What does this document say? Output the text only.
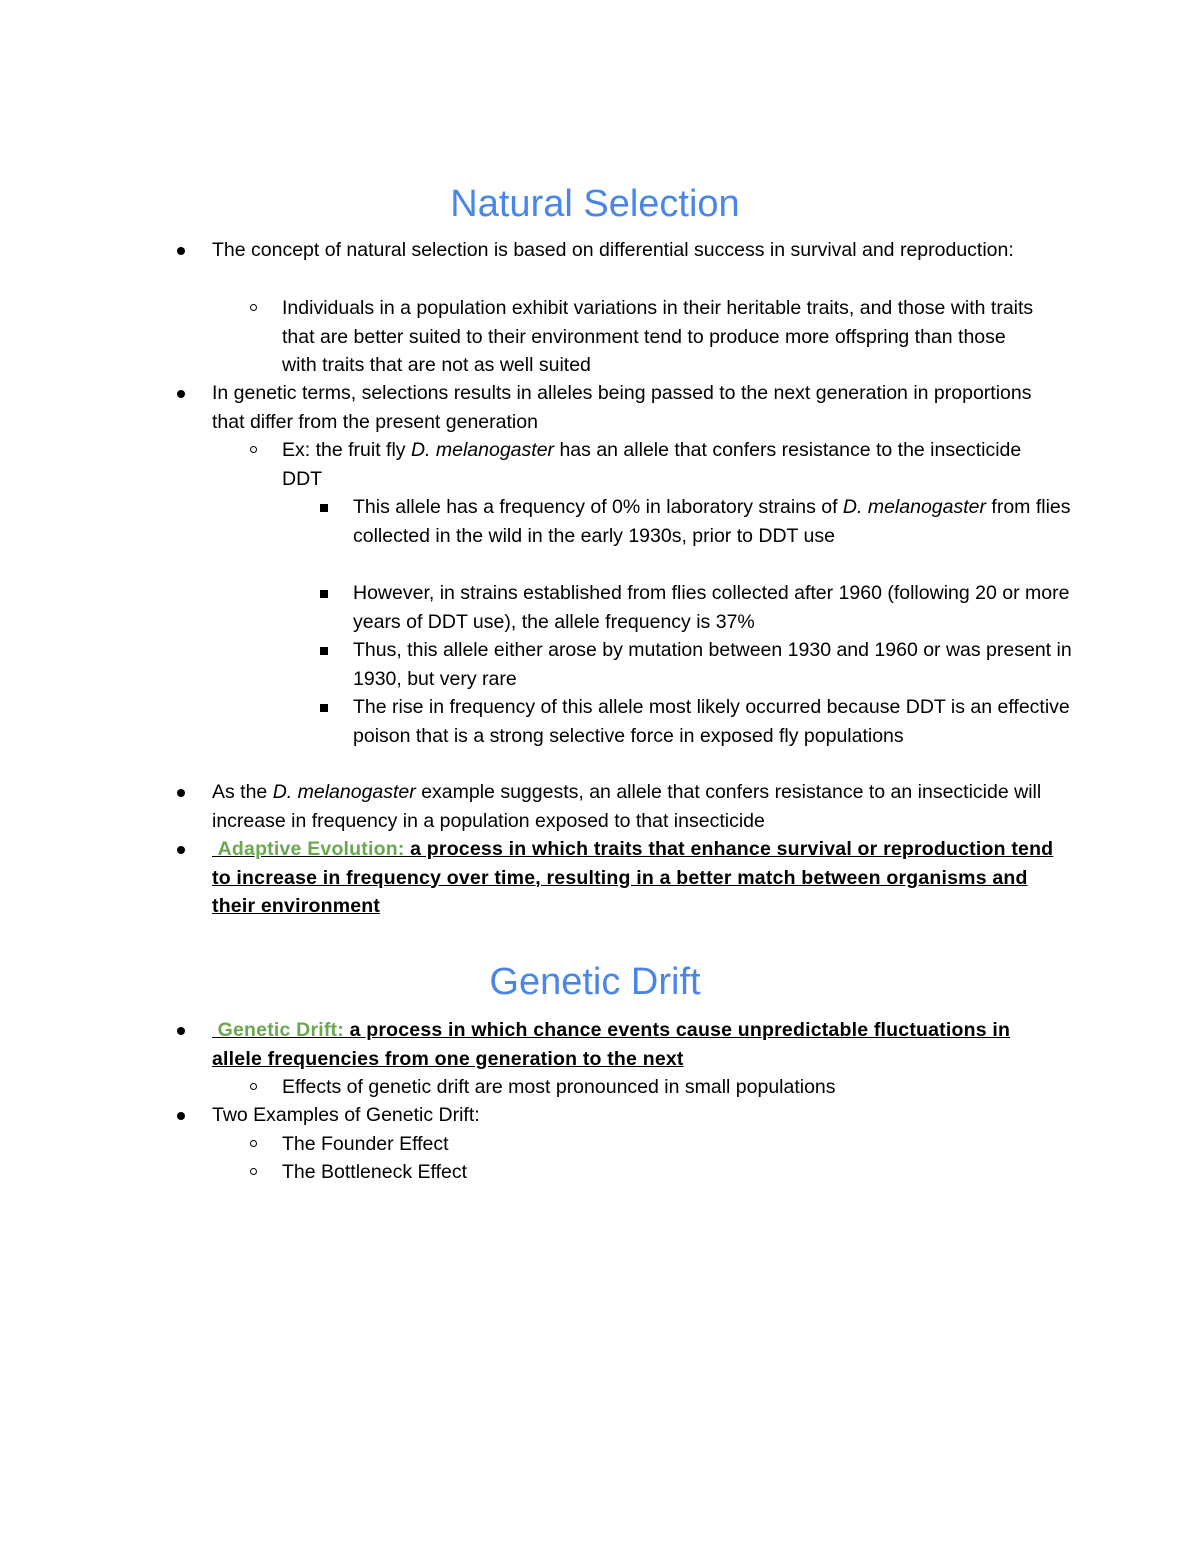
Natural Selection
The concept of natural selection is based on differential success in survival and reproduction:
Individuals in a population exhibit variations in their heritable traits, and those with traits that are better suited to their environment tend to produce more offspring than those with traits that are not as well suited
In genetic terms, selections results in alleles being passed to the next generation in proportions that differ from the present generation
Ex: the fruit fly D. melanogaster has an allele that confers resistance to the insecticide DDT
This allele has a frequency of 0% in laboratory strains of D. melanogaster from flies collected in the wild in the early 1930s, prior to DDT use
However, in strains established from flies collected after 1960 (following 20 or more years of DDT use), the allele frequency is 37%
Thus, this allele either arose by mutation between 1930 and 1960 or was present in 1930, but very rare
The rise in frequency of this allele most likely occurred because DDT is an effective poison that is a strong selective force in exposed fly populations
As the D. melanogaster example suggests, an allele that confers resistance to an insecticide will increase in frequency in a population exposed to that insecticide
Adaptive Evolution: a process in which traits that enhance survival or reproduction tend to increase in frequency over time, resulting in a better match between organisms and their environment
Genetic Drift
Genetic Drift: a process in which chance events cause unpredictable fluctuations in allele frequencies from one generation to the next
Effects of genetic drift are most pronounced in small populations
Two Examples of Genetic Drift:
The Founder Effect
The Bottleneck Effect
